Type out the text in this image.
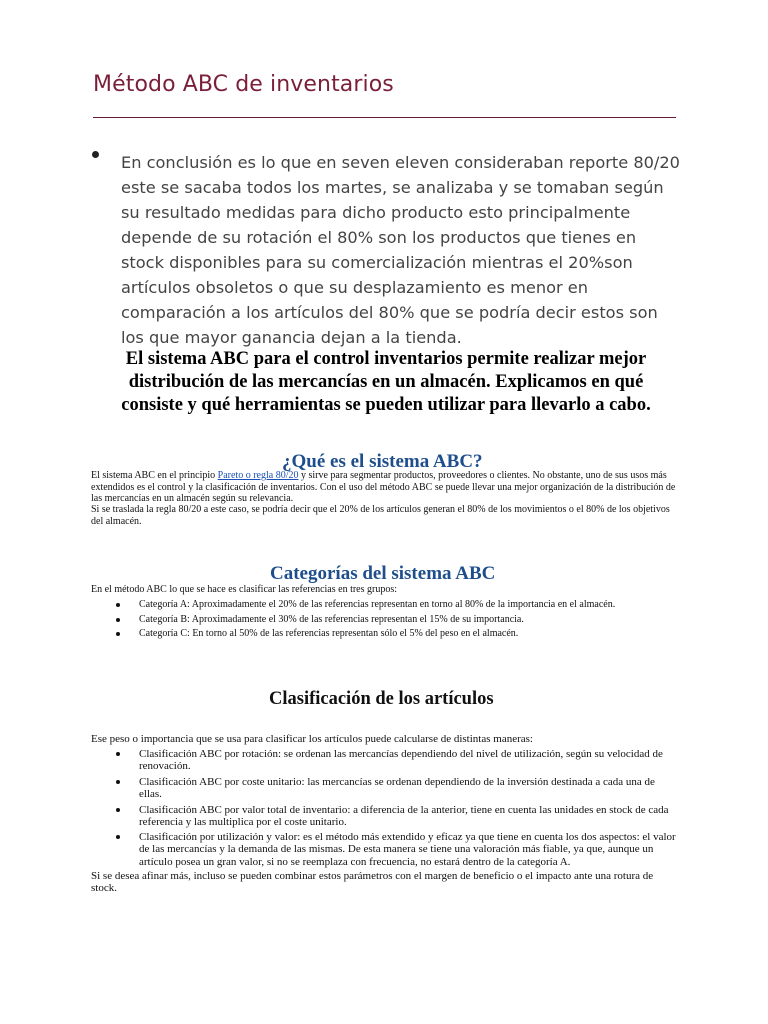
Método ABC de inventarios
En conclusión es lo que en seven eleven consideraban reporte 80/20 este se sacaba todos los martes, se analizaba y se tomaban según su resultado medidas para dicho producto esto principalmente depende de su rotación el 80% son los productos que tienes en stock disponibles para su comercialización mientras el 20%son artículos obsoletos o que su desplazamiento es menor en comparación a los artículos del 80% que se podría decir estos son los que mayor ganancia dejan a la tienda.
El sistema ABC para el control inventarios permite realizar mejor distribución de las mercancías en un almacén. Explicamos en qué consiste y qué herramientas se pueden utilizar para llevarlo a cabo.
¿Qué es el sistema ABC?
El sistema ABC en el principio Pareto o regla 80/20 y sirve para segmentar productos, proveedores o clientes. No obstante, uno de sus usos más extendidos es el control y la clasificación de inventarios. Con el uso del método ABC se puede llevar una mejor organización de la distribución de las mercancías en un almacén según su relevancia.
Si se traslada la regla 80/20 a este caso, se podría decir que el 20% de los artículos generan el 80% de los movimientos o el 80% de los objetivos del almacén.
Categorías del sistema ABC
En el método ABC lo que se hace es clasificar las referencias en tres grupos:
Categoría A: Aproximadamente el 20% de las referencias representan en torno al 80% de la importancia en el almacén.
Categoría B: Aproximadamente el 30% de las referencias representan el 15% de su importancia.
Categoría C: En torno al 50% de las referencias representan sólo el 5% del peso en el almacén.
Clasificación de los artículos
Ese peso o importancia que se usa para clasificar los artículos puede calcularse de distintas maneras:
Clasificación ABC por rotación: se ordenan las mercancías dependiendo del nivel de utilización, según su velocidad de renovación.
Clasificación ABC por coste unitario: las mercancías se ordenan dependiendo de la inversión destinada a cada una de ellas.
Clasificación ABC por valor total de inventario: a diferencia de la anterior, tiene en cuenta las unidades en stock de cada referencia y las multiplica por el coste unitario.
Clasificación por utilización y valor: es el método más extendido y eficaz ya que tiene en cuenta los dos aspectos: el valor de las mercancías y la demanda de las mismas. De esta manera se tiene una valoración más fiable, ya que, aunque un artículo posea un gran valor, si no se reemplaza con frecuencia, no estará dentro de la categoría A.
Si se desea afinar más, incluso se pueden combinar estos parámetros con el margen de beneficio o el impacto ante una rotura de stock.
